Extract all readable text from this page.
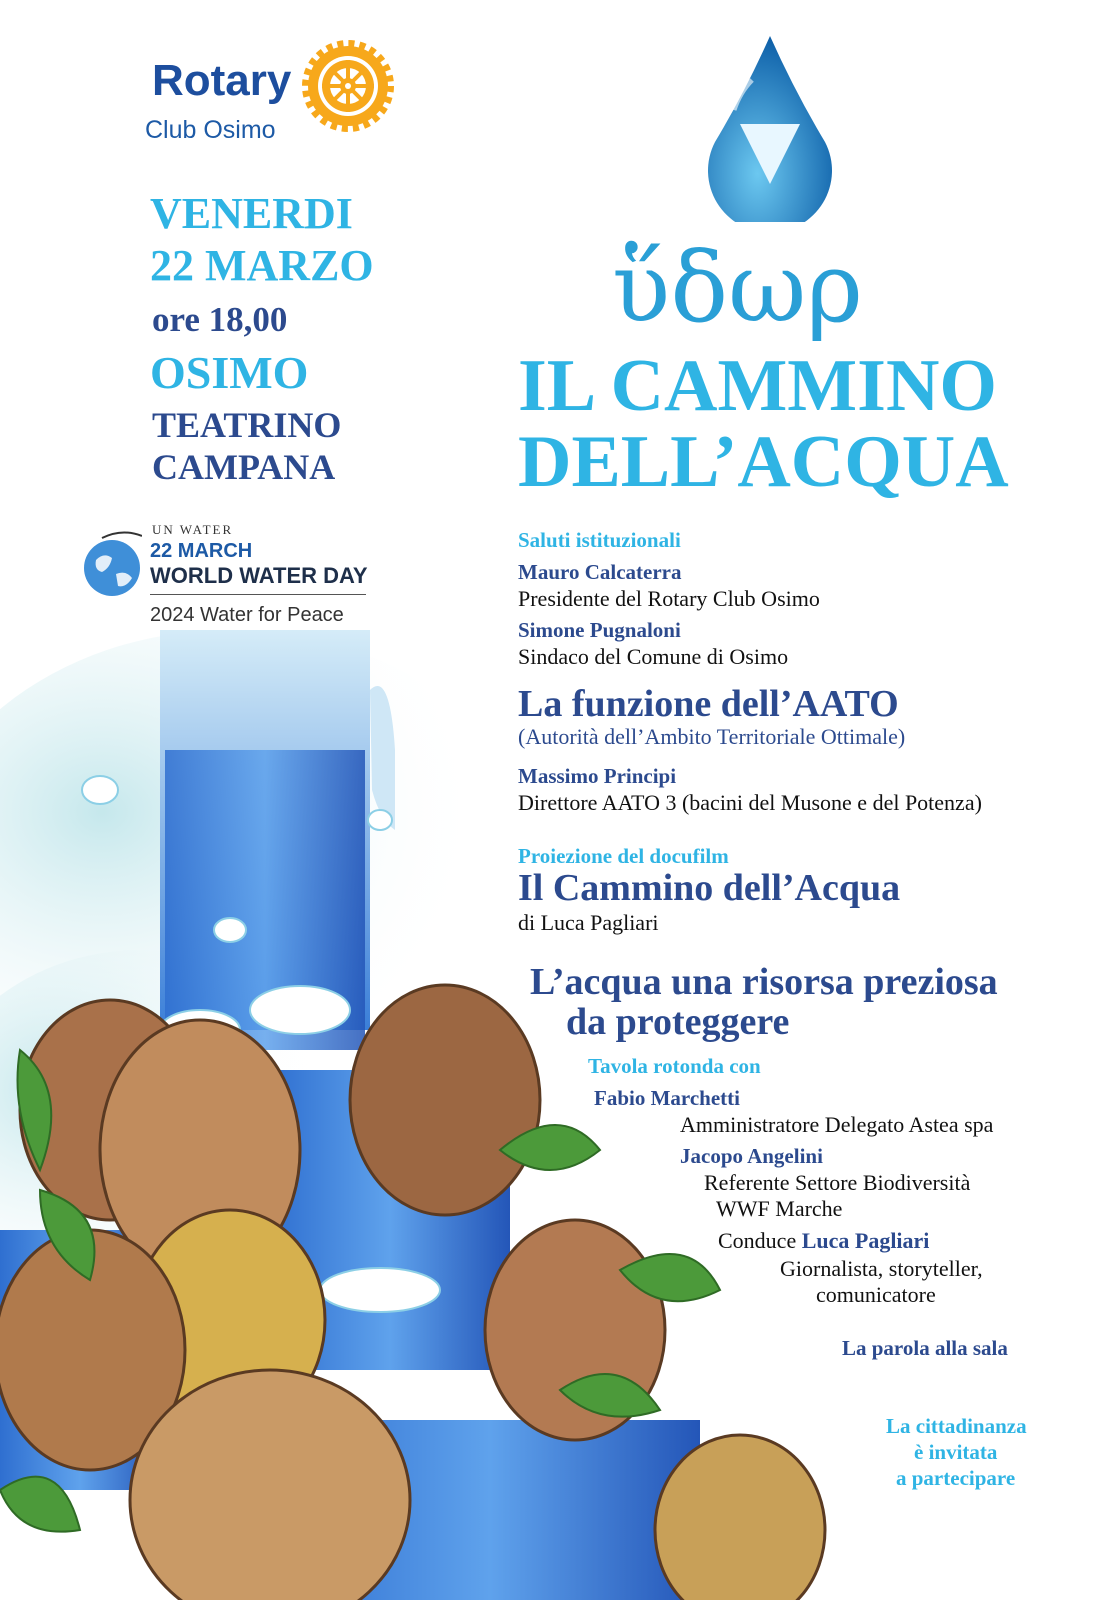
Rotary
Club Osimo
VENERDI
22 MARZO
ore 18,00
OSIMO
TEATRINO
CAMPANA
UN WATER
22 MARCH
WORLD WATER DAY
2024 Water for Peace
ὕδωρ
IL CAMMINO
DELL’ACQUA
Saluti istituzionali
Mauro Calcaterra
Presidente del Rotary Club Osimo
Simone Pugnaloni
Sindaco del Comune di Osimo
La funzione dell’AATO
(Autorità dell’Ambito Territoriale Ottimale)
Massimo Principi
Direttore AATO 3 (bacini del Musone e del Potenza)
Proiezione del docufilm
Il Cammino dell’Acqua
di Luca Pagliari
L’acqua una risorsa preziosa
da proteggere
Tavola rotonda con
Fabio Marchetti
Amministratore Delegato Astea spa
Jacopo Angelini
Referente Settore Biodiversità
WWF Marche
Conduce Luca Pagliari
Giornalista, storyteller,
comunicatore
La parola alla sala
La cittadinanza
è invitata
a partecipare
